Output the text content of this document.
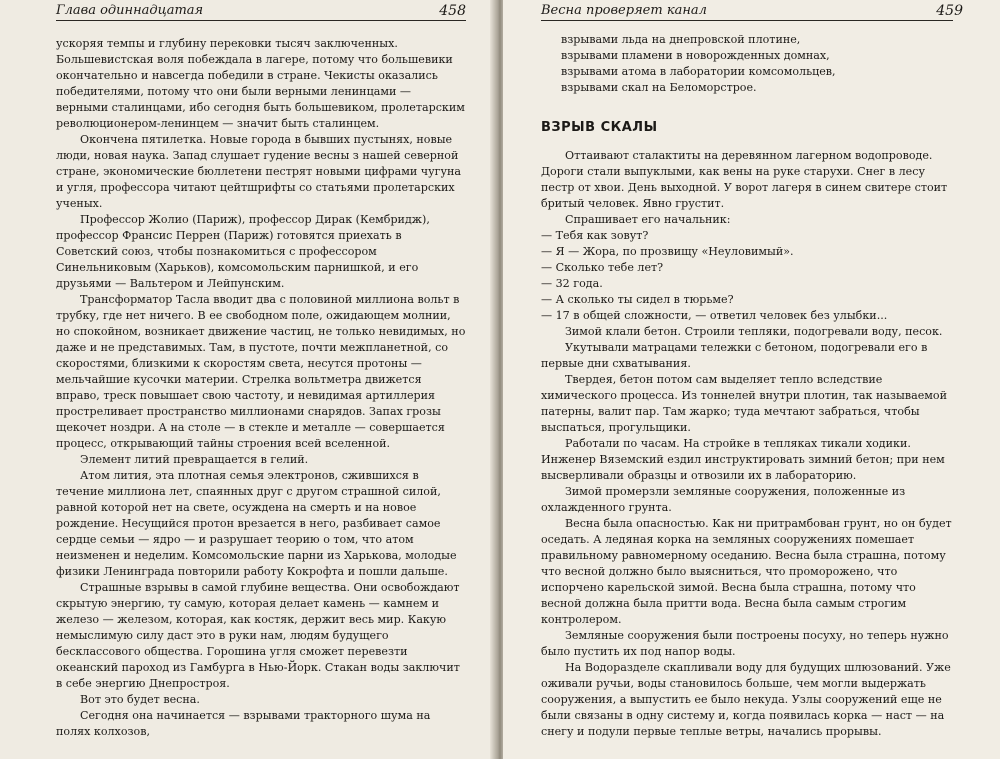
Глава одиннадцатая	458

ускоряя темпы и глубину перековки тысяч заключенных. Большевистская воля побеждала в лагере, потому что большевики окончательно и навсегда победили в стране. Чекисты оказались победителями, потому что они были верными ленинцами — верными сталинцами, ибо сегодня быть большевиком, пролетарским революционером-ленинцем — значит быть сталинцем.

Окончена пятилетка. Новые города в бывших пустынях, новые люди, новая наука. Запад слушает гудение весны з нашей северной стране, экономические бюллетени пестрят новыми цифрами чугуна и угля, профессора читают цейтшрифты со статьями пролетарских ученых.

Профессор Жолио (Париж), профессор Дирак (Кембридж), профессор Франсис Перрен (Париж) готовятся приехать в Советский союз, чтобы познакомиться с профессором Синельниковым (Харьков), комсомольским парнишкой, и его друзьями — Вальтером и Лейпунским.

Трансформатор Тасла вводит два с половиной миллиона вольт в трубку, где нет ничего. В ее свободном поле, ожидающем молнии, но спокойном, возникает движение частиц, не только невидимых, но даже и не представимых. Там, в пустоте, почти межпланетной, со скоростями, близкими к скоростям света, несутся протоны — мельчайшие кусочки материи. Стрелка вольтметра движется вправо, треск повышает свою частоту, и невидимая артиллерия простреливает пространство миллионами снарядов. Запах грозы щекочет ноздри. А на столе — в стекле и металле — совершается процесс, открывающий тайны строения всей вселенной.

Элемент литий превращается в гелий.

Атом лития, эта плотная семья электронов, сжившихся в течение миллиона лет, спаянных друг с другом страшной силой, равной которой нет на свете, осуждена на смерть и на новое рождение. Несущийся протон врезается в него, разбивает самое сердце семьи — ядро — и разрушает теорию о том, что атом неизменен и неделим. Комсомольские парни из Харькова, молодые физики Ленинграда повторили работу Кокрофта и пошли дальше.

Страшные взрывы в самой глубине вещества. Они освобождают скрытую энергию, ту самую, которая делает камень — камнем и железо — железом, которая, как костяк, держит весь мир. Какую немыслимую силу даст это в руки нам, людям будущего бесклассового общества. Горошина угля сможет перевезти океанский пароход из Гамбурга в Нью-Йорк. Стакан воды заключит в себе энергию Днепростроя.

Вот это будет весна.

Сегодня она начинается — взрывами тракторного шума на полях колхозов,

Весна проверяет канал	459
взрывами льда на днепровской плотине,
взрывами пламени в новорожденных домнах,
взрывами атома в лаборатории комсомольцев,
взрывами скал на Беломорстрое.
ВЗРЫВ СКАЛЫ

Оттаивают сталактиты на деревянном лагерном водопроводе. Дороги стали выпуклыми, как вены на руке старухи. Снег в лесу пестр от хвои. День выходной. У ворот лагеря в синем свитере стоит бритый человек. Явно грустит.

Спрашивает его начальник:

— Тебя как зовут?
— Я — Жора, по прозвищу «Неуловимый».
— Сколько тебе лет?
— 32 года.
— А сколько ты сидел в тюрьме?
— 17 в общей сложности, — ответил человек без улыбки...

Зимой клали бетон. Строили тепляки, подогревали воду, песок.

Укутывали матрацами тележки с бетоном, подогревали его в первые дни схватывания.

Твердея, бетон потом сам выделяет тепло вследствие химического процесса. Из тоннелей внутри плотин, так называемой патерны, валит пар. Там жарко; туда мечтают забраться, чтобы выспаться, прогульщики.

Работали по часам. На стройке в тепляках тикали ходики. Инженер Вяземский ездил инструктировать зимний бетон; при нем высверливали образцы и отвозили их в лабораторию.

Зимой промерзли земляные сооружения, положенные из охлажденного грунта.

Весна была опасностью. Как ни притрамбован грунт, но он будет оседать. А ледяная корка на земляных сооружениях помешает правильному равномерному оседанию. Весна была страшна, потому что весной должно было выясниться, что проморожено, что испорчено карельской зимой. Весна была страшна, потому что весной должна была притти вода. Весна была самым строгим контролером.

Земляные сооружения были построены посуху, но теперь нужно было пустить их под напор воды.

На Водоразделе скапливали воду для будущих шлюзований. Уже оживали ручьи, воды становилось больше, чем могли выдержать сооружения, а выпустить ее было некуда. Узлы сооружений еще не были связаны в одну систему и, когда появилась корка — наст — на снегу и подули первые теплые ветры, начались прорывы.
